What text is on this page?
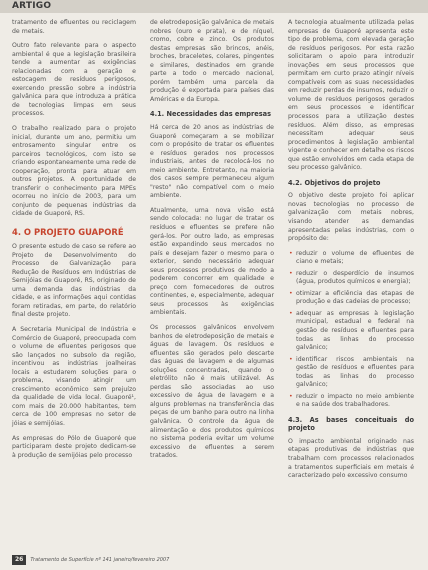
ARTIGO

tratamento de efluentes ou reciclagem de metais.

Outro fato relevante para o aspecto ambiental é que a legislação brasileira tende a aumentar as exigências relacionadas com a geração e estocagem de resíduos perigosos, exercendo pressão sobre a indústria galvânica para que introduza a prática de tecnologias limpas em seus processos.

O trabalho realizado para o projeto inicial, durante um ano, permitiu um entrosamento singular entre os parceiros tecnológicos, com isto se criando espontaneamente uma rede de cooperação, pronta para atuar em outros projetos. A oportunidade de transferir o conhecimento para MPEs ocorreu no início de 2003, para um conjunto de pequenas indústrias da cidade de Guaporé, RS.

4. O PROJETO GUAPORÉ

O presente estudo de caso se refere ao Projeto de Desenvolvimento do Processo de Galvanização para Redução de Resíduos em Indústrias de Semijóias de Guaporé, RS, originado de uma demanda das indústrias da cidade, e as informações aqui contidas foram retiradas, em parte, do relatório final deste projeto.

A Secretaria Municipal de Indústria e Comércio de Guaporé, preocupada com o volume de efluentes perigosos que são lançados no subsolo da região, incentivou as indústrias joalheiras locais a estudarem soluções para o problema, visando atingir um crescimento econômico sem prejuízo da qualidade de vida local. Guaporé¹, com mais de 20.000 habitantes, tem cerca de 100 empresas no setor de jóias e semijóias.

As empresas do Pólo de Guaporé que participaram deste projeto dedicam-se à produção de semijóias pelo processo

de eletrodeposição galvânica de metais nobres (ouro e prata), e de níquel, cromo, cobre e zinco. Os produtos destas empresas são brincos, anéis, broches, braceletes, colares, pingentes e similares, destinados em grande parte a todo o mercado nacional, porém também uma parcela da produção é exportada para países das Américas e da Europa.

4.1. Necessidades das empresas

Há cerca de 20 anos as indústrias de Guaporé começaram a se mobilizar com o propósito de tratar os efluentes e resíduos gerados nos processos industriais, antes de recolocá-los no meio ambiente. Entretanto, na maioria dos casos sempre permaneceu algum "resto" não compatível com o meio ambiente.

Atualmente, uma nova visão está sendo colocada: no lugar de tratar os resíduos e efluentes se prefere não gerá-los. Por outro lado, as empresas estão expandindo seus mercados no país e desejam fazer o mesmo para o exterior, sendo necessário adequar seus processos produtivos de modo a poderem concorrer em qualidade e preço com fornecedores de outros continentes, e, especialmente, adequar seus processos às exigências ambientais.

Os processos galvânicos envolvem banhos de eletrodeposição de metais e águas de lavagem. Os resíduos e efluentes são gerados pelo descarte das águas de lavagem e de algumas soluções concentradas, quando o eletrólito não é mais utilizável. As perdas são associadas ao uso excessivo de água de lavagem e a alguns problemas na transferência das peças de um banho para outro na linha galvânica. O controle da água de alimentação e dos produtos químicos no sistema poderia evitar um volume excessivo de efluentes a serem tratados.

A tecnologia atualmente utilizada pelas empresas de Guaporé apresenta este tipo de problema, com elevada geração de resíduos perigosos. Por esta razão solicitaram o apoio para introduzir inovações em seus processos que permitam em curto prazo atingir níveis compatíveis com as suas necessidades em reduzir perdas de insumos, reduzir o volume de resíduos perigosos gerados em seus processos e identificar processos para a utilização destes resíduos. Além disso, as empresas necessitam adequar seus procedimentos à legislação ambiental vigente e conhecer em detalhe os riscos que estão envolvidos em cada etapa de seu processo galvânico.

4.2. Objetivos do projeto

O objetivo deste projeto foi aplicar novas tecnologias no processo de galvanização com metais nobres, visando atender as demandas apresentadas pelas indústrias, com o propósito de:

• reduzir o volume de efluentes de ciano e metais;
• reduzir o desperdício de insumos (água, produtos químicos e energia);
• otimizar a eficiência das etapas de produção e das cadeias de processo;
• adequar as empresas à legislação municipal, estadual e federal na gestão de resíduos e efluentes para todas as linhas do processo galvânico;
• identificar riscos ambientais na gestão de resíduos e efluentes para todas as linhas do processo galvânico;
• reduzir o impacto no meio ambiente e na saúde dos trabalhadores.
4.3. As bases conceituais do projeto

O impacto ambiental originado nas etapas produtivas de indústrias que trabalham com processos relacionados a tratamentos superficiais em metais é caracterizado pelo excessivo consumo

26	Tratamento de Superfície nº 141 janeiro/fevereiro 2007
